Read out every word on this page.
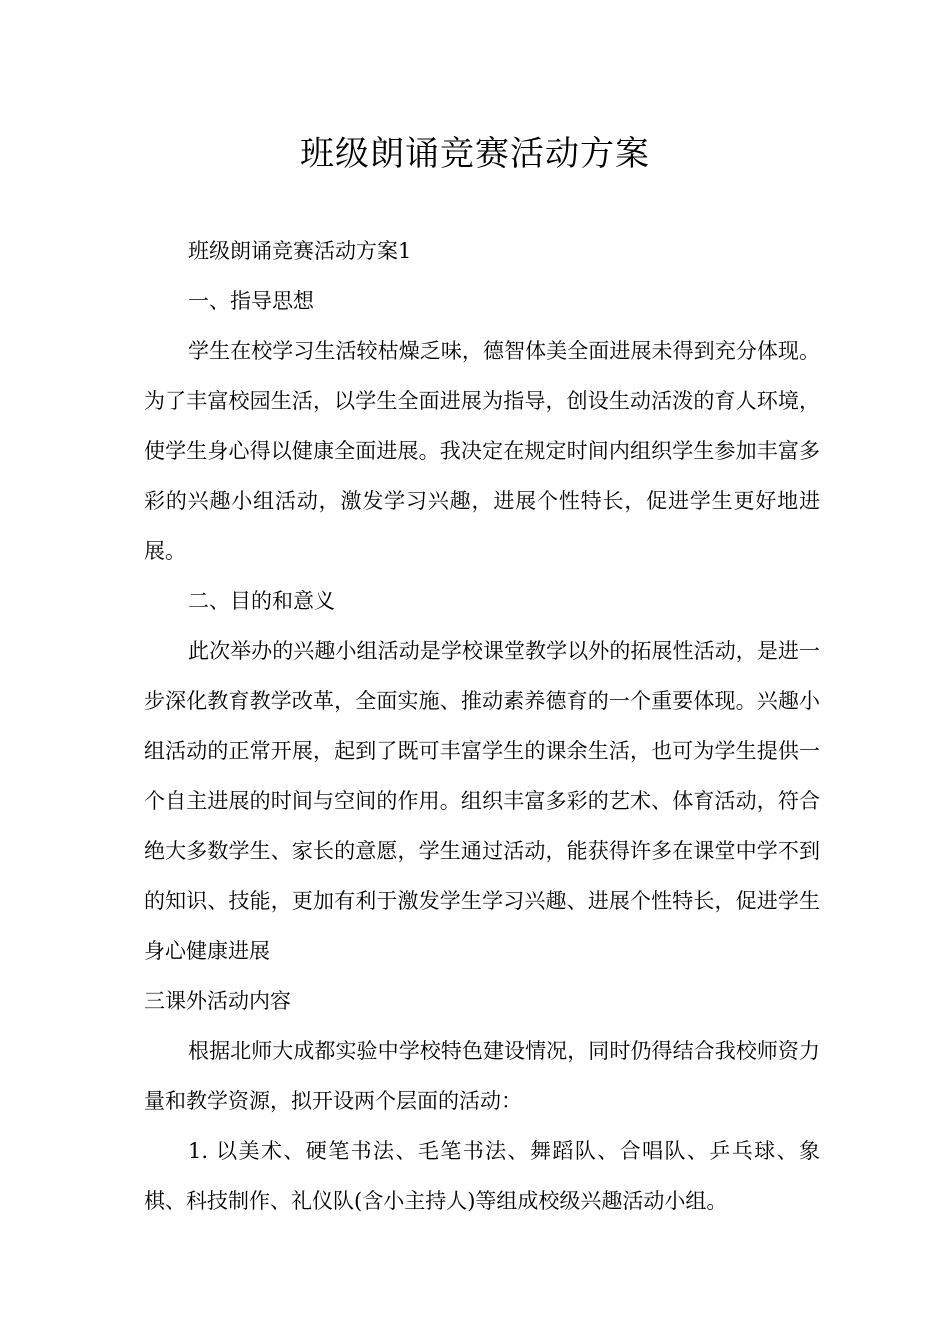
班级朗诵竞赛活动方案

班级朗诵竞赛活动方案1

一、指导思想

学生在校学习生活较枯燥乏味，德智体美全面进展未得到充分体现。为了丰富校园生活，以学生全面进展为指导，创设生动活泼的育人环境，使学生身心得以健康全面进展。我决定在规定时间内组织学生参加丰富多彩的兴趣小组活动，激发学习兴趣，进展个性特长，促进学生更好地进展。

二、目的和意义

此次举办的兴趣小组活动是学校课堂教学以外的拓展性活动，是进一步深化教育教学改革，全面实施、推动素养德育的一个重要体现。兴趣小组活动的正常开展，起到了既可丰富学生的课余生活，也可为学生提供一个自主进展的时间与空间的作用。组织丰富多彩的艺术、体育活动，符合绝大多数学生、家长的意愿，学生通过活动，能获得许多在课堂中学不到的知识、技能，更加有利于激发学生学习兴趣、进展个性特长，促进学生身心健康进展

三课外活动内容

根据北师大成都实验中学校特色建设情况，同时仍得结合我校师资力量和教学资源，拟开设两个层面的活动：

1. 以美术、硬笔书法、毛笔书法、舞蹈队、合唱队、乒乓球、象棋、科技制作、礼仪队(含小主持人)等组成校级兴趣活动小组。
